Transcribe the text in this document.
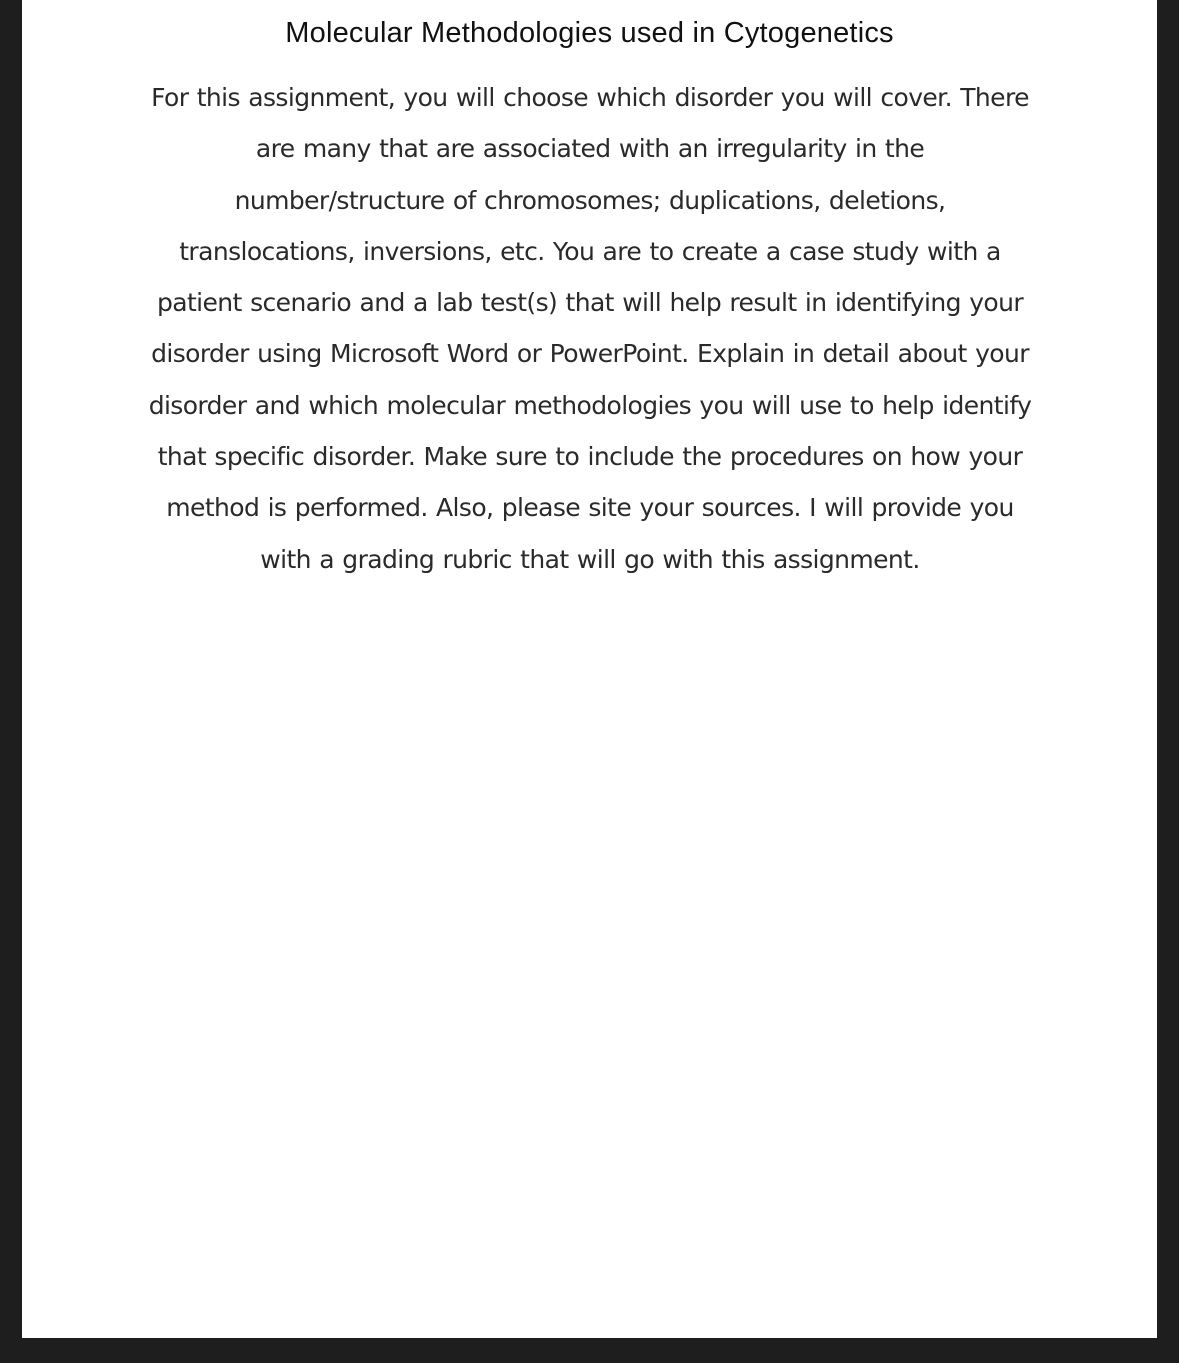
Molecular Methodologies used in Cytogenetics

For this assignment, you will choose which disorder you will cover. There are many that are associated with an irregularity in the number/structure of chromosomes; duplications, deletions, translocations, inversions, etc. You are to create a case study with a patient scenario and a lab test(s) that will help result in identifying your disorder using Microsoft Word or PowerPoint. Explain in detail about your disorder and which molecular methodologies you will use to help identify that specific disorder. Make sure to include the procedures on how your method is performed. Also, please site your sources. I will provide you with a grading rubric that will go with this assignment.
